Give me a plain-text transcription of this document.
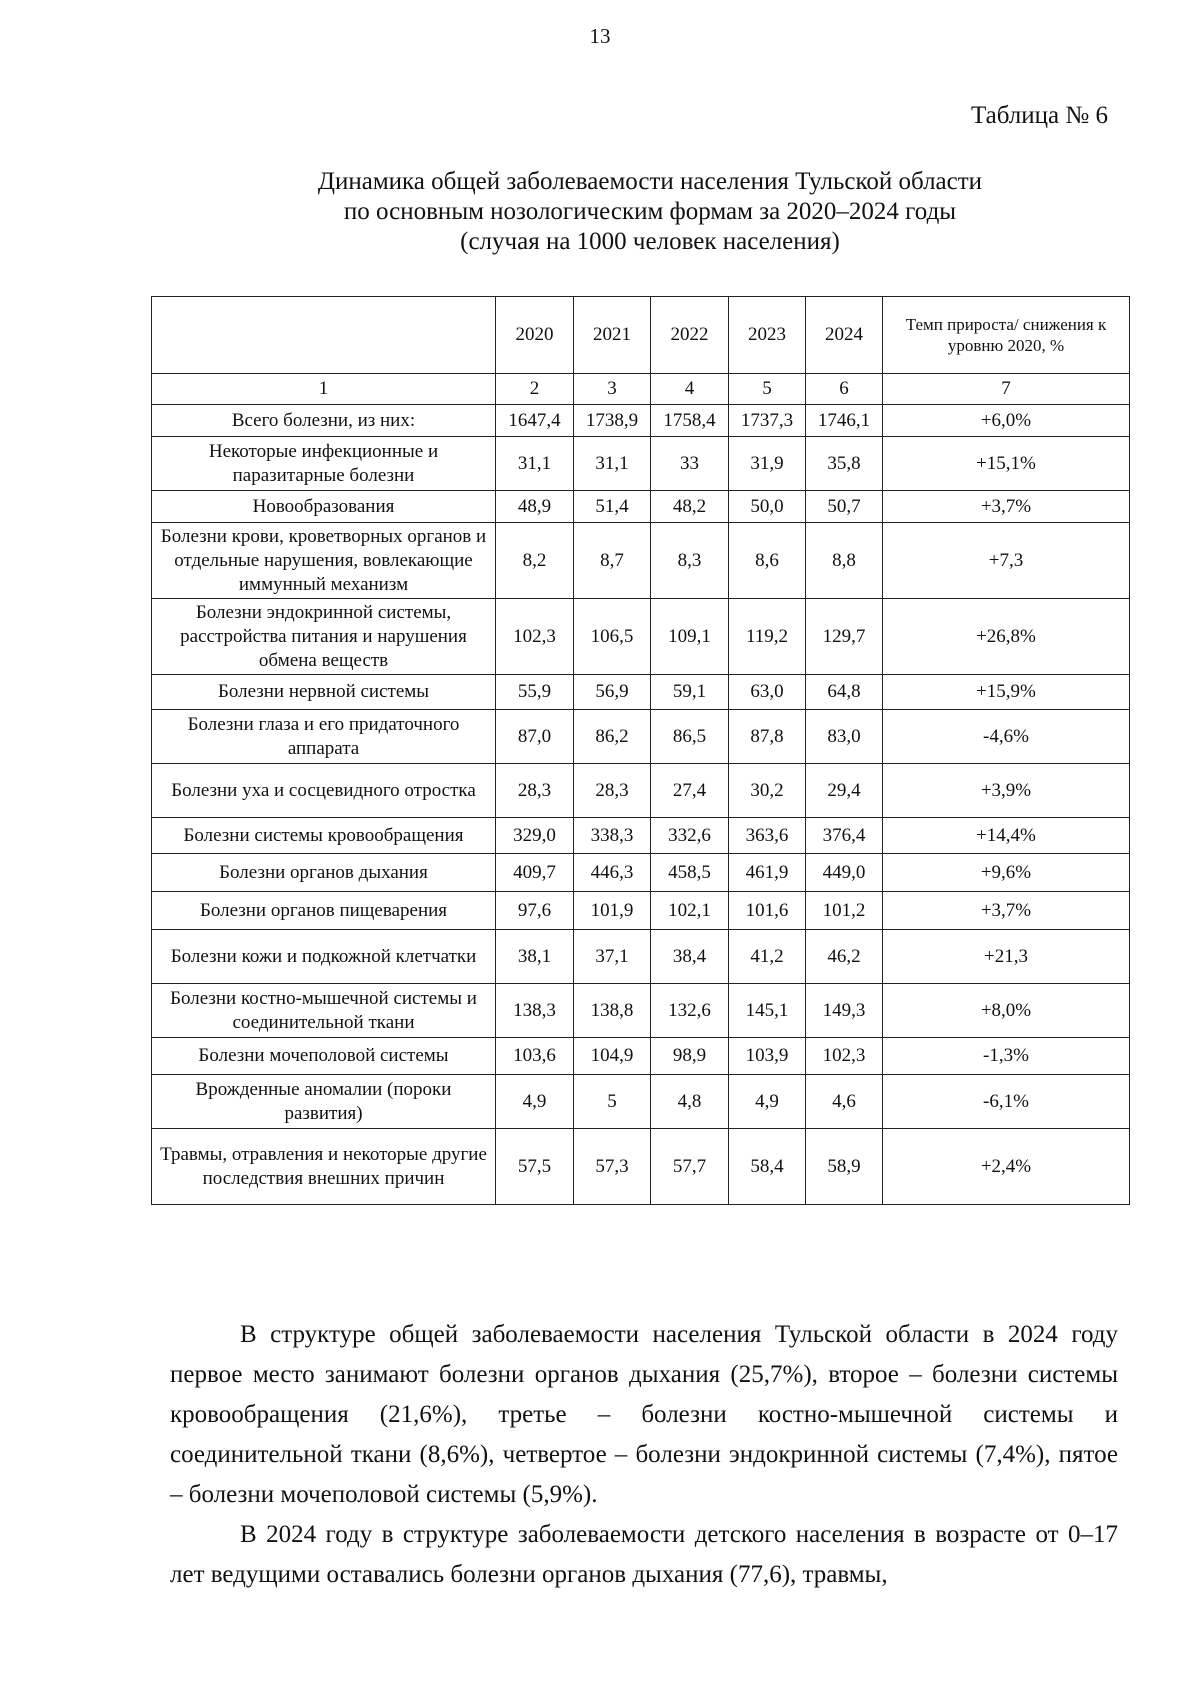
13
Таблица № 6
Динамика общей заболеваемости населения Тульской области
по основным нозологическим формам за 2020–2024 годы
(случая на 1000 человек населения)
	2020	2021	2022	2023	2024	Темп прироста/ снижения к уровню 2020, %
1	2	3	4	5	6	7
Всего болезни, из них:	1647,4	1738,9	1758,4	1737,3	1746,1	+6,0%
Некоторые инфекционные и паразитарные болезни	31,1	31,1	33	31,9	35,8	+15,1%
Новообразования	48,9	51,4	48,2	50,0	50,7	+3,7%
Болезни крови, кроветворных органов и отдельные нарушения, вовлекающие иммунный механизм	8,2	8,7	8,3	8,6	8,8	+7,3
Болезни эндокринной системы, расстройства питания и нарушения обмена веществ	102,3	106,5	109,1	119,2	129,7	+26,8%
Болезни нервной системы	55,9	56,9	59,1	63,0	64,8	+15,9%
Болезни глаза и его придаточного аппарата	87,0	86,2	86,5	87,8	83,0	-4,6%
Болезни уха и сосцевидного отростка	28,3	28,3	27,4	30,2	29,4	+3,9%
Болезни системы кровообращения	329,0	338,3	332,6	363,6	376,4	+14,4%
Болезни органов дыхания	409,7	446,3	458,5	461,9	449,0	+9,6%
Болезни органов пищеварения	97,6	101,9	102,1	101,6	101,2	+3,7%
Болезни кожи и подкожной клетчатки	38,1	37,1	38,4	41,2	46,2	+21,3
Болезни костно-мышечной системы и соединительной ткани	138,3	138,8	132,6	145,1	149,3	+8,0%
Болезни мочеполовой системы	103,6	104,9	98,9	103,9	102,3	-1,3%
Врожденные аномалии (пороки развития)	4,9	5	4,8	4,9	4,6	-6,1%
Травмы, отравления и некоторые другие последствия внешних причин	57,5	57,3	57,7	58,4	58,9	+2,4%

В структуре общей заболеваемости населения Тульской области в 2024 году первое место занимают болезни органов дыхания (25,7%), второе – болезни системы кровообращения (21,6%), третье – болезни костно-мышечной системы и соединительной ткани (8,6%), четвертое – болезни эндокринной системы (7,4%), пятое – болезни мочеполовой системы (5,9%).

В 2024 году в структуре заболеваемости детского населения в возрасте от 0–17 лет ведущими оставались болезни органов дыхания (77,6), травмы,
